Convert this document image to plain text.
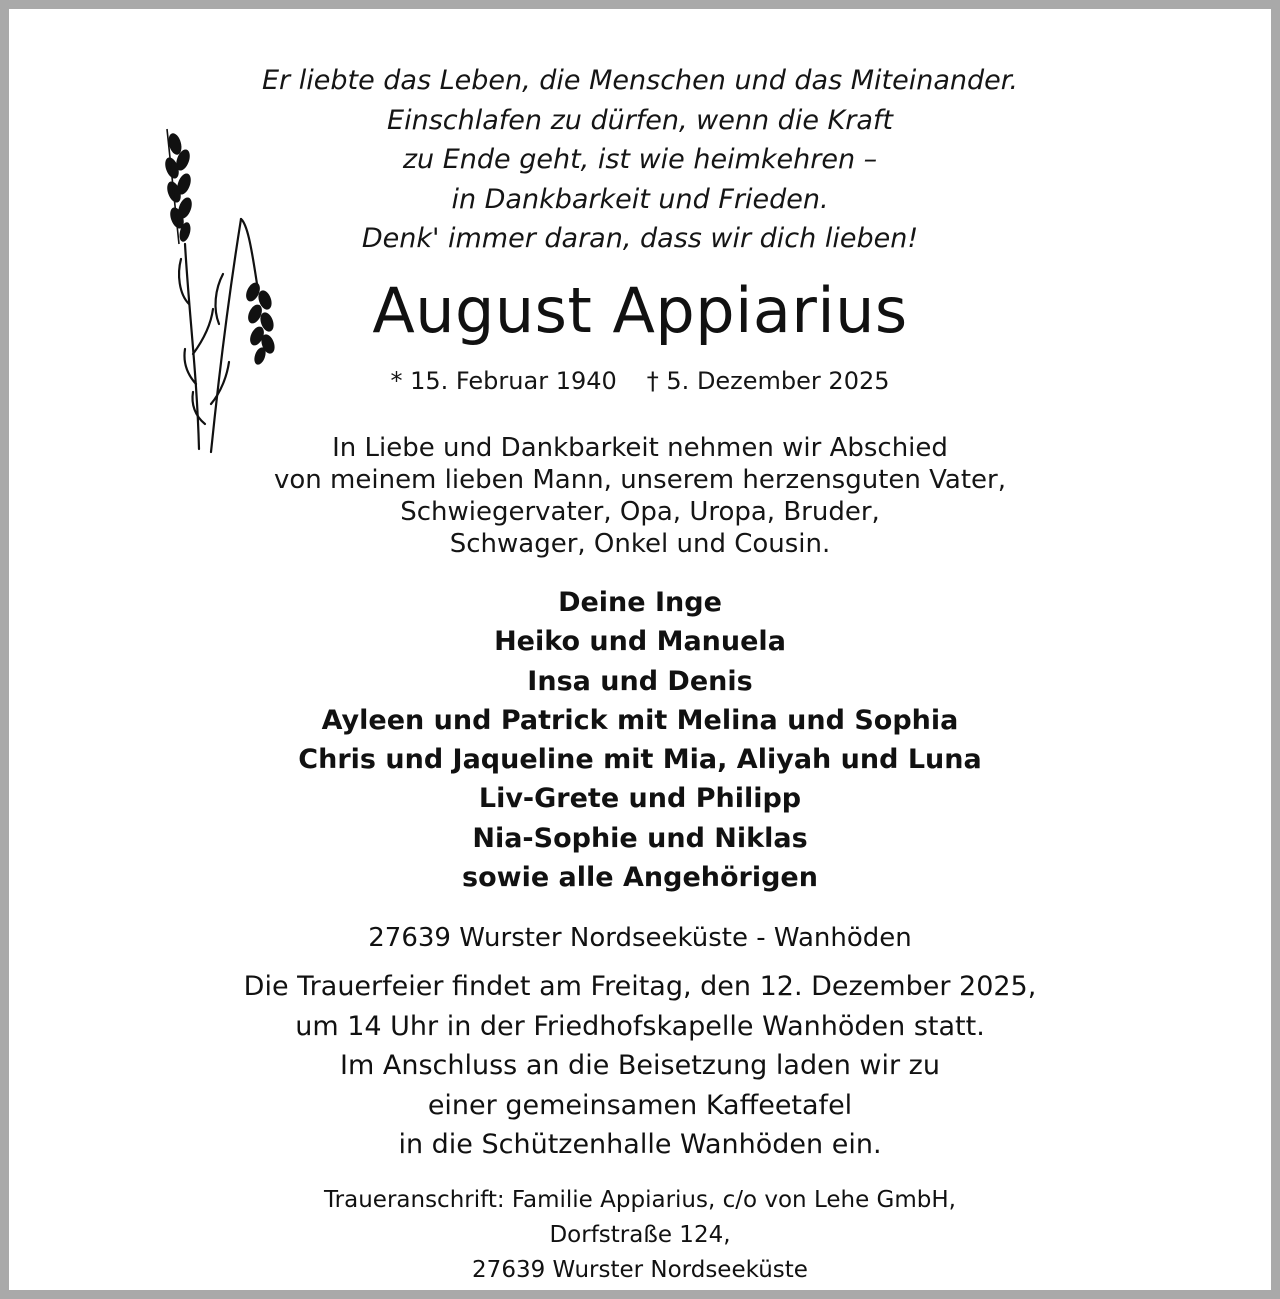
Er liebte das Leben, die Menschen und das Miteinander.
Einschlafen zu dürfen, wenn die Kraft
zu Ende geht, ist wie heimkehren –
in Dankbarkeit und Frieden.
Denk' immer daran, dass wir dich lieben!
August Appiarius
* 15. Februar 1940 † 5. Dezember 2025
In Liebe und Dankbarkeit nehmen wir Abschied
von meinem lieben Mann, unserem herzensguten Vater,
Schwiegervater, Opa, Uropa, Bruder,
Schwager, Onkel und Cousin.
Deine Inge
Heiko und Manuela
Insa und Denis
Ayleen und Patrick mit Melina und Sophia
Chris und Jaqueline mit Mia, Aliyah und Luna
Liv-Grete und Philipp
Nia-Sophie und Niklas
sowie alle Angehörigen
27639 Wurster Nordseeküste - Wanhöden
Die Trauerfeier findet am Freitag, den 12. Dezember 2025,
um 14 Uhr in der Friedhofskapelle Wanhöden statt.
Im Anschluss an die Beisetzung laden wir zu
einer gemeinsamen Kaffeetafel
in die Schützenhalle Wanhöden ein.
Traueranschrift: Familie Appiarius, c/o von Lehe GmbH,
Dorfstraße 124,
27639 Wurster Nordseeküste
